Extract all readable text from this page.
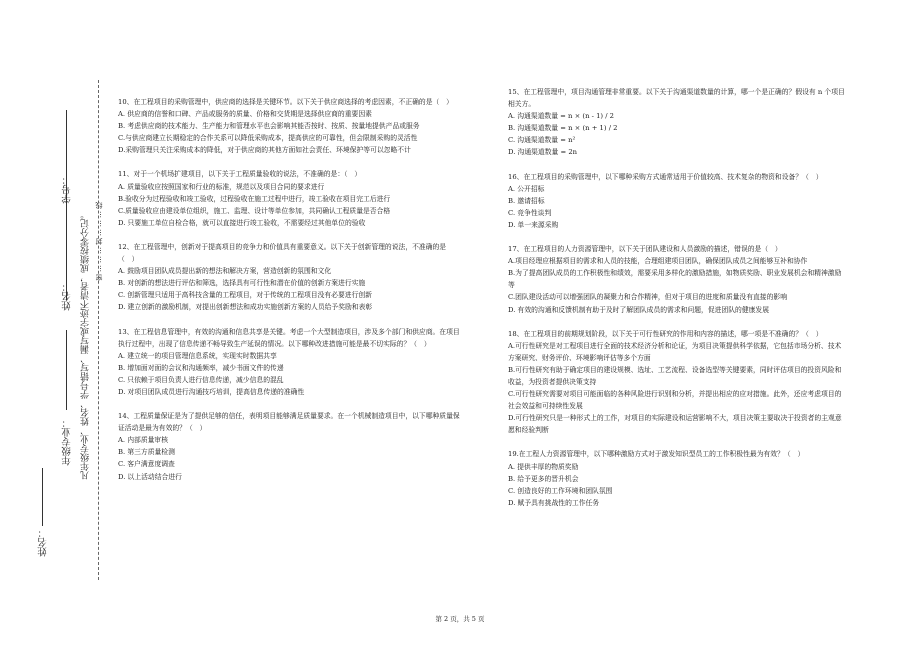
年级专业：
姓名：
学号：
凡年级专业、姓名、学号错写、漏写或字迹不清者，成绩按零分记。 密………封………线
姓名：

10、在工程项目的采购管理中，供应商的选择是关键环节。以下关于供应商选择的考虑因素，不正确的是（　）

A. 供应商的信誉和口碑、产品或服务的质量、价格和交货期是选择供应商的重要因素

B. 考虑供应商的技术能力、生产能力和管理水平也会影响其能否按时、按质、按量地提供产品或服务

C.与供应商建立长期稳定的合作关系可以降低采购成本，提高供应的可靠性，但会限制采购的灵活性

D.采购管理只关注采购成本的降低，对于供应商的其他方面如社会责任、环境保护等可以忽略不计

11、对于一个机场扩建项目，以下关于工程质量验收的说法，不准确的是：（　）

A. 质量验收应按照国家和行业的标准，规范以及项目合同的要求进行

B.验收分为过程验收和竣工验收，过程验收在施工过程中进行，竣工验收在项目完工后进行

C.质量验收应由建设单位组织，施工、监理、设计等单位参加，共同确认工程质量是否合格

D. 只要施工单位自检合格，就可以直接进行竣工验收，不需要经过其他单位的验收

12、在工程管理中，创新对于提高项目的竞争力和价值具有重要意义。以下关于创新管理的说法，不准确的是（　）

A. 鼓励项目团队成员提出新的想法和解决方案，营造创新的氛围和文化

B. 对创新的想法进行评估和筛选，选择具有可行性和潜在价值的创新方案进行实施

C. 创新管理只适用于高科技含量的工程项目，对于传统的工程项目没有必要进行创新

D. 建立创新的激励机制，对提出创新想法和成功实施创新方案的人员给予奖励和表彰

13、在工程信息管理中，有效的沟通和信息共享是关键。考虑一个大型制造项目，涉及多个部门和供应商。在项目执行过程中，出现了信息传递不畅导致生产延误的情况。以下哪种改进措施可能是最不切实际的？（　）

A. 建立统一的项目管理信息系统，实现实时数据共享

B. 增加面对面的会议和沟通频率，减少书面文件的传递

C. 只依赖于项目负责人进行信息传递，减少信息的混乱

D. 对项目团队成员进行沟通技巧培训，提高信息传递的准确性

14、工程质量保证是为了提供足够的信任，表明项目能够满足质量要求。在一个机械制造项目中，以下哪种质量保证活动是最为有效的？（　）

A. 内部质量审核

B. 第三方质量检测

C. 客户满意度调查

D. 以上活动结合进行

15、在工程管理中，项目沟通管理非常重要。以下关于沟通渠道数量的计算，哪一个是正确的？假设有 n 个项目相关方。

A. 沟通渠道数量 = n × (n - 1) / 2

B. 沟通渠道数量 = n × (n + 1) / 2

C. 沟通渠道数量 = n²

D. 沟通渠道数量 = 2n

16、在工程项目的采购管理中，以下哪种采购方式通常适用于价值较高、技术复杂的物资和设备？（　）

A. 公开招标

B. 邀请招标

C. 竞争性谈判

D. 单一来源采购

17、在工程项目的人力资源管理中，以下关于团队建设和人员激励的描述，错误的是（　）

A.项目经理应根据项目的需求和人员的技能，合理组建项目团队，确保团队成员之间能够互补和协作

B.为了提高团队成员的工作积极性和绩效，需要采用多样化的激励措施，如物质奖励、职业发展机会和精神激励等

C.团队建设活动可以增强团队的凝聚力和合作精神，但对于项目的进度和质量没有直接的影响

D. 有效的沟通和反馈机制有助于及时了解团队成员的需求和问题，促进团队的健康发展

18、在工程项目的前期规划阶段，以下关于可行性研究的作用和内容的描述，哪一项是不准确的？（　）

A.可行性研究是对工程项目进行全面的技术经济分析和论证，为项目决策提供科学依据，它包括市场分析、技术方案研究、财务评价、环境影响评估等多个方面

B.可行性研究有助于确定项目的建设规模、选址、工艺流程、设备选型等关键要素，同时评估项目的投资风险和收益，为投资者提供决策支持

C.可行性研究需要对项目可能面临的各种风险进行识别和分析，并提出相应的应对措施。此外，还应考虑项目的社会效益和可持续性发展

D.可行性研究只是一种形式上的工作，对项目的实际建设和运营影响不大，项目决策主要取决于投资者的主观意愿和经验判断

19.在工程人力资源管理中，以下哪种激励方式对于激发知识型员工的工作积极性最为有效？（　）

A. 提供丰厚的物质奖励

B. 给予更多的晋升机会

C. 创造良好的工作环境和团队氛围

D. 赋予具有挑战性的工作任务

第 2 页，共 5 页
